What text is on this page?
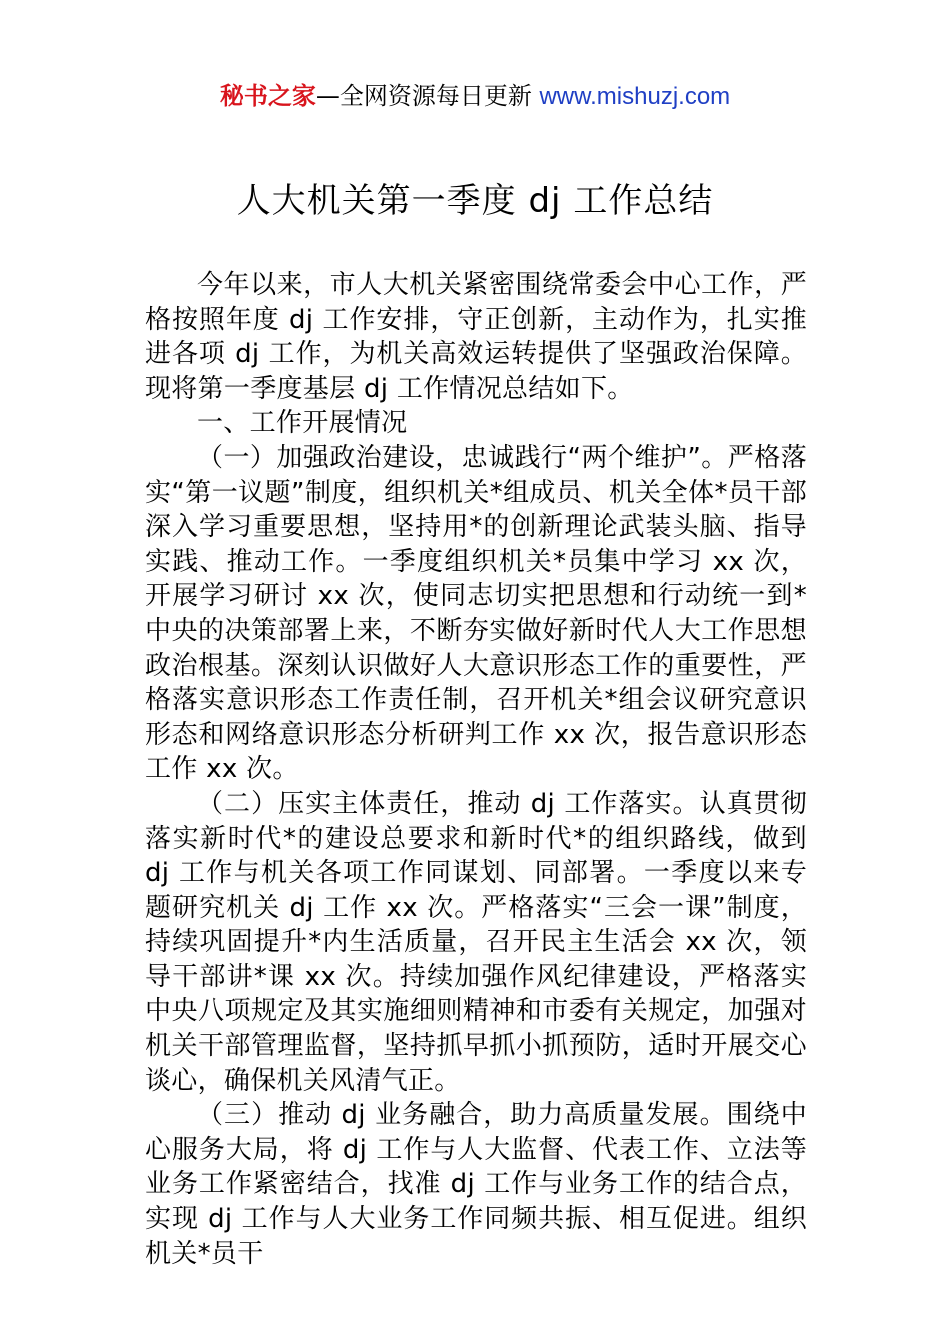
秘书之家—全网资源每日更新 www.mishuzj.com
人大机关第一季度 dj 工作总结

今年以来，市人大机关紧密围绕常委会中心工作，严格按照年度 dj 工作安排，守正创新，主动作为，扎实推进各项 dj 工作，为机关高效运转提供了坚强政治保障。现将第一季度基层 dj 工作情况总结如下。

一、工作开展情况

（一）加强政治建设，忠诚践行“两个维护”。严格落实“第一议题”制度，组织机关*组成员、机关全体*员干部深入学习重要思想，坚持用*的创新理论武装头脑、指导实践、推动工作。一季度组织机关*员集中学习 xx 次，开展学习研讨 xx 次，使同志切实把思想和行动统一到*中央的决策部署上来，不断夯实做好新时代人大工作思想政治根基。深刻认识做好人大意识形态工作的重要性，严格落实意识形态工作责任制，召开机关*组会议研究意识形态和网络意识形态分析研判工作 xx 次，报告意识形态工作 xx 次。

（二）压实主体责任，推动 dj 工作落实。认真贯彻落实新时代*的建设总要求和新时代*的组织路线，做到 dj 工作与机关各项工作同谋划、同部署。一季度以来专题研究机关 dj 工作 xx 次。严格落实“三会一课”制度，持续巩固提升*内生活质量，召开民主生活会 xx 次，领导干部讲*课 xx 次。持续加强作风纪律建设，严格落实中央八项规定及其实施细则精神和市委有关规定，加强对机关干部管理监督，坚持抓早抓小抓预防，适时开展交心谈心，确保机关风清气正。

（三）推动 dj 业务融合，助力高质量发展。围绕中心服务大局，将 dj 工作与人大监督、代表工作、立法等业务工作紧密结合，找准 dj 工作与业务工作的结合点，实现 dj 工作与人大业务工作同频共振、相互促进。组织机关*员干
